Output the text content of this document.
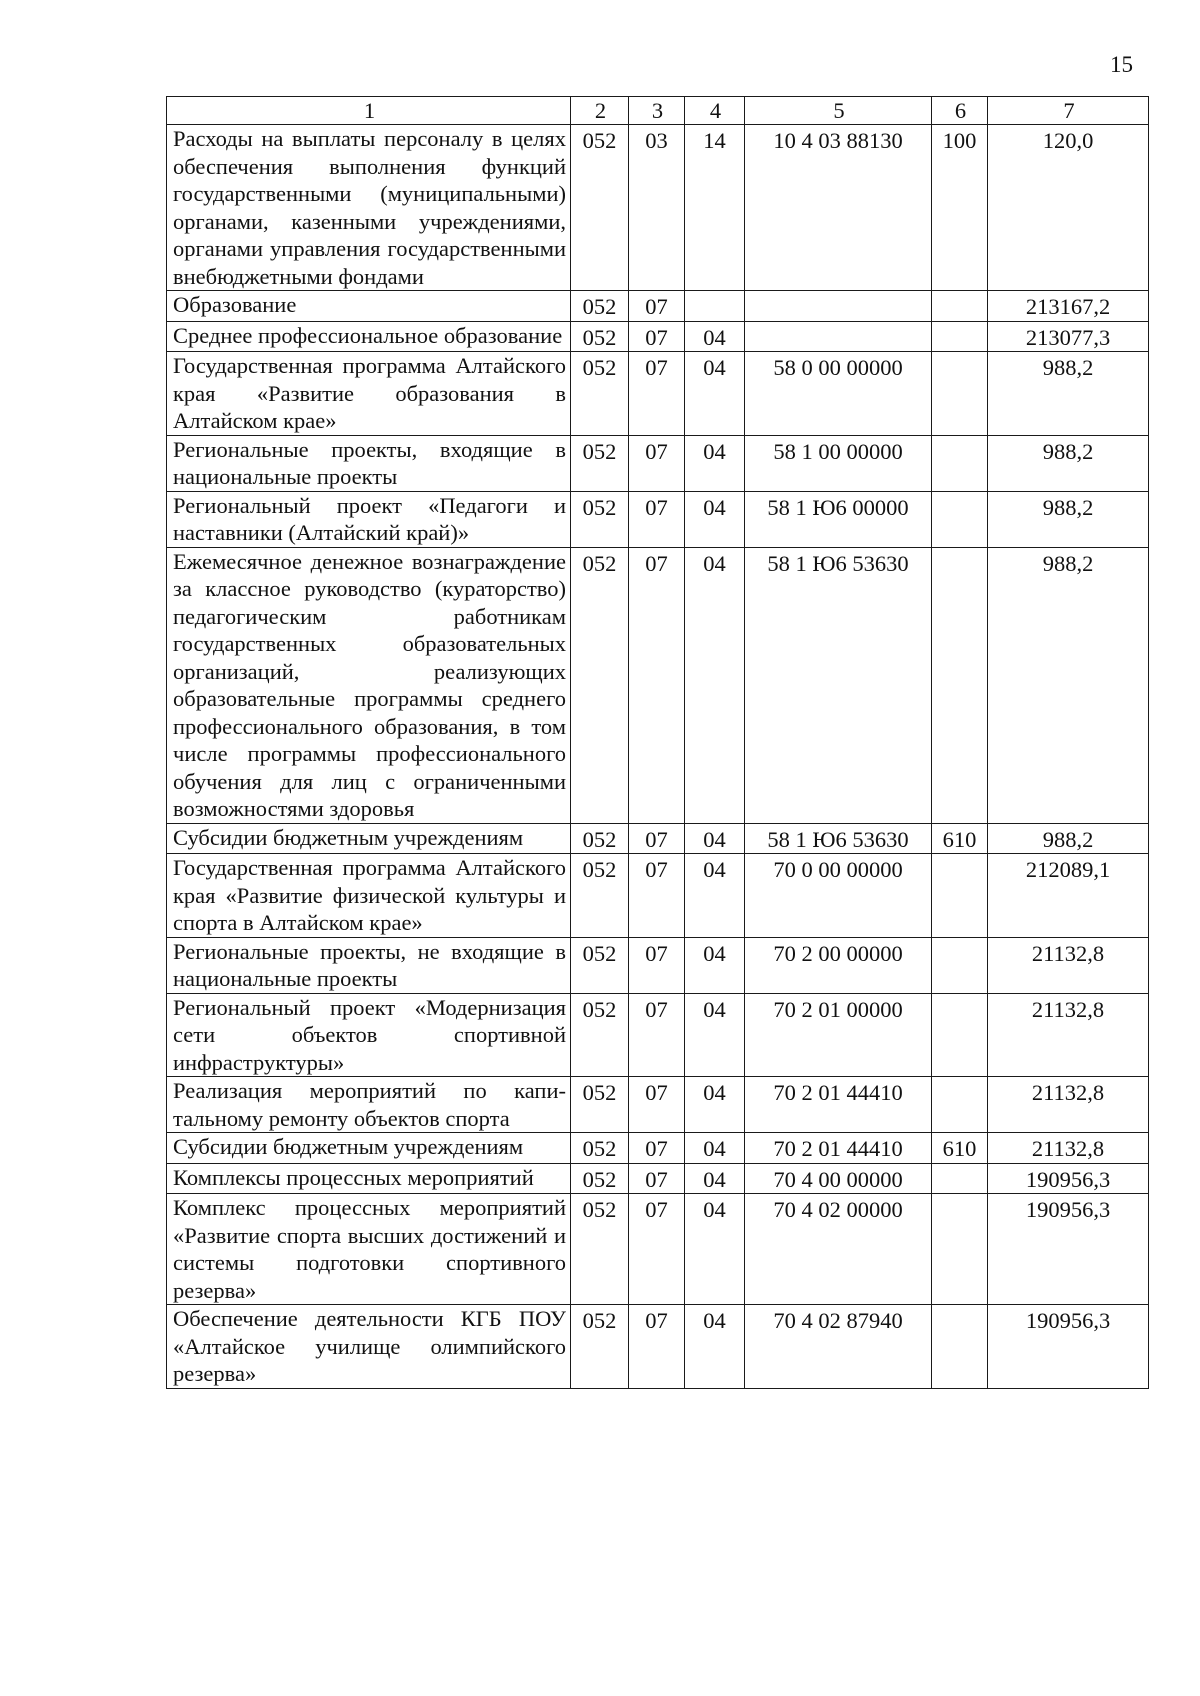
15
1	2	3	4	5	6	7
Расходы на выплаты персоналу в целях обеспечения выполнения функций государственными (муниципальными) органами, казенными учреждениями, органами управления государственными внебюджетными фондами	052	03	14	10 4 03 88130	100	120,0
Образование	052	07				213167,2
Среднее профессиональное образование	052	07	04			213077,3
Государственная программа Алтайского края «Развитие образования в Алтайском крае»	052	07	04	58 0 00 00000		988,2
Региональные проекты, входящие в национальные проекты	052	07	04	58 1 00 00000		988,2
Региональный проект «Педагоги и наставники (Алтайский край)»	052	07	04	58 1 Ю6 00000		988,2
Ежемесячное денежное вознаграждение за классное руководство (кураторство) педагогическим работникам государственных образовательных организаций, реализующих образовательные программы среднего профессионального образования, в том числе программы профессионального обучения для лиц с ограниченными возможностями здоровья	052	07	04	58 1 Ю6 53630		988,2
Субсидии бюджетным учреждениям	052	07	04	58 1 Ю6 53630	610	988,2
Государственная программа Алтайского края «Развитие физической культуры и спорта в Алтайском крае»	052	07	04	70 0 00 00000		212089,1
Региональные проекты, не входящие в национальные проекты	052	07	04	70 2 00 00000		21132,8
Региональный проект «Модернизация сети объектов спортивной инфраструктуры»	052	07	04	70 2 01 00000		21132,8
Реализация мероприятий по капитальному ремонту объектов спорта	052	07	04	70 2 01 44410		21132,8
Субсидии бюджетным учреждениям	052	07	04	70 2 01 44410	610	21132,8
Комплексы процессных мероприятий	052	07	04	70 4 00 00000		190956,3
Комплекс процессных мероприятий «Развитие спорта высших достижений и системы подготовки спортивного резерва»	052	07	04	70 4 02 00000		190956,3
Обеспечение деятельности КГБ ПОУ «Алтайское училище олимпийского резерва»	052	07	04	70 4 02 87940		190956,3
